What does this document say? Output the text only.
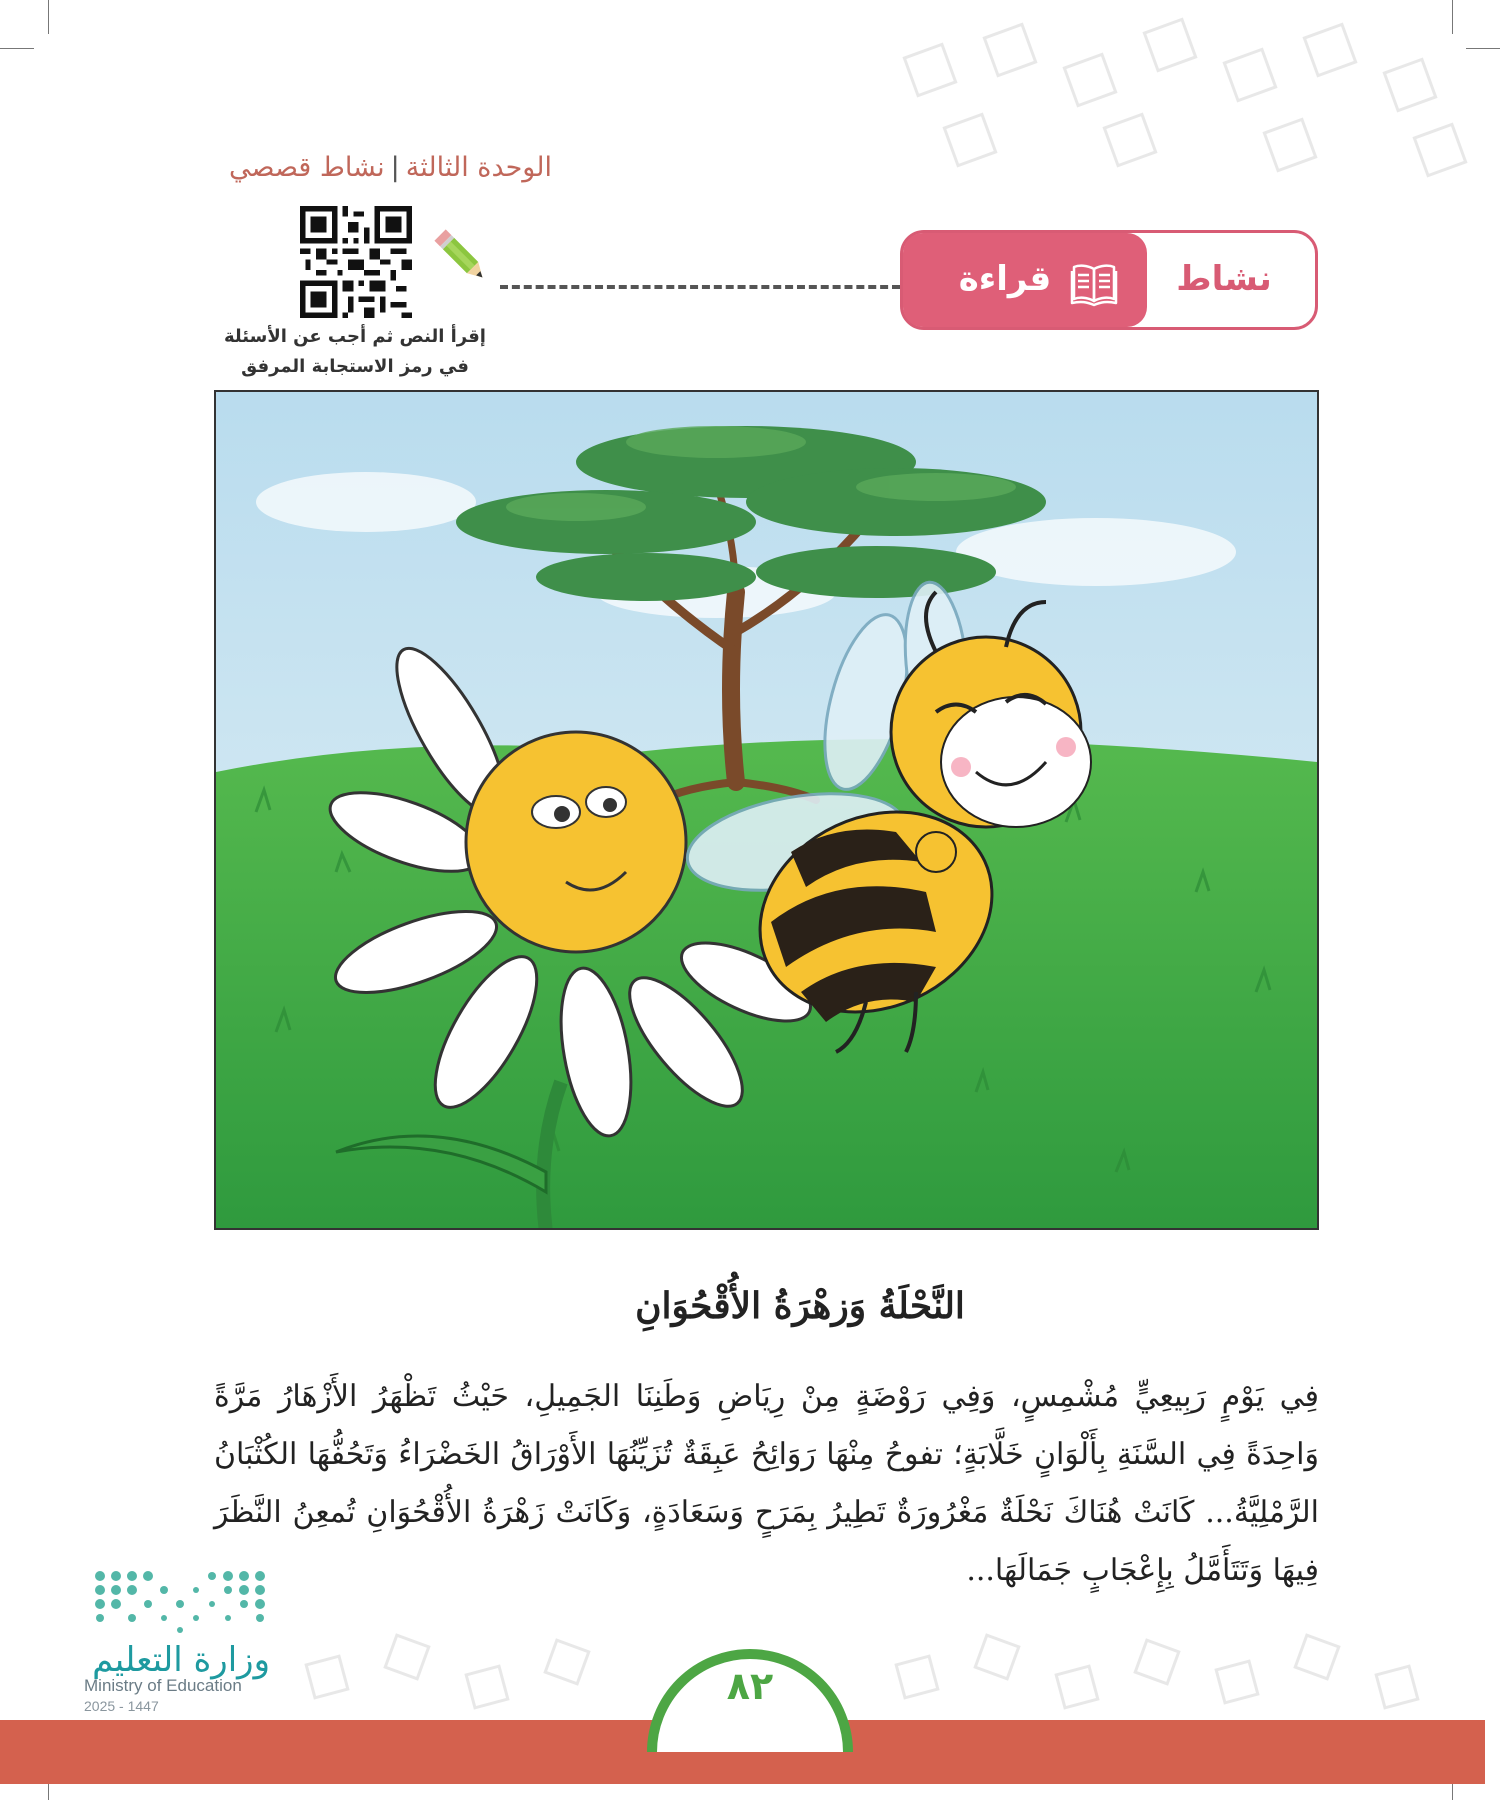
الوحدة الثالثة|نشاط قصصي
قراءة	نشاط
إقرأ النص ثم أجب عن الأسئلة
في رمز الاستجابة المرفق
النَّحْلَةُ وَزهْرَةُ الأُقْحُوَانِ
فِي يَوْمٍ رَبِيعِيٍّ مُشْمِسٍ، وَفِي رَوْضَةٍ مِنْ رِيَاضِ وَطَنِنَا الجَمِيلِ، حَيْثُ تَظْهَرُ الأَزْهَارُ مَرَّةً وَاحِدَةً فِي السَّنَةِ بِأَلْوَانٍ خَلَّابَةٍ؛ تفوحُ مِنْهَا رَوَائِحُ عَبِقَةٌ تُزَيِّنُهَا الأَوْرَاقُ الخَضْرَاءُ وَتَحُفُّهَا الكُثْبَانُ الرَّمْلِيَّةُ... كَانَتْ هُنَاكَ نَحْلَةٌ مَغْرُورَةٌ تَطِيرُ بِمَرَحٍ وَسَعَادَةٍ، وَكَانَتْ زَهْرَةُ الأُقْحُوَانِ تُمعِنُ النَّظَرَ فِيهَا وَتَتَأَمَّلُ بِإِعْجَابٍ جَمَالَهَا...
وزارة التعليم
Ministry of Education
2025 - 1447	٨٢
